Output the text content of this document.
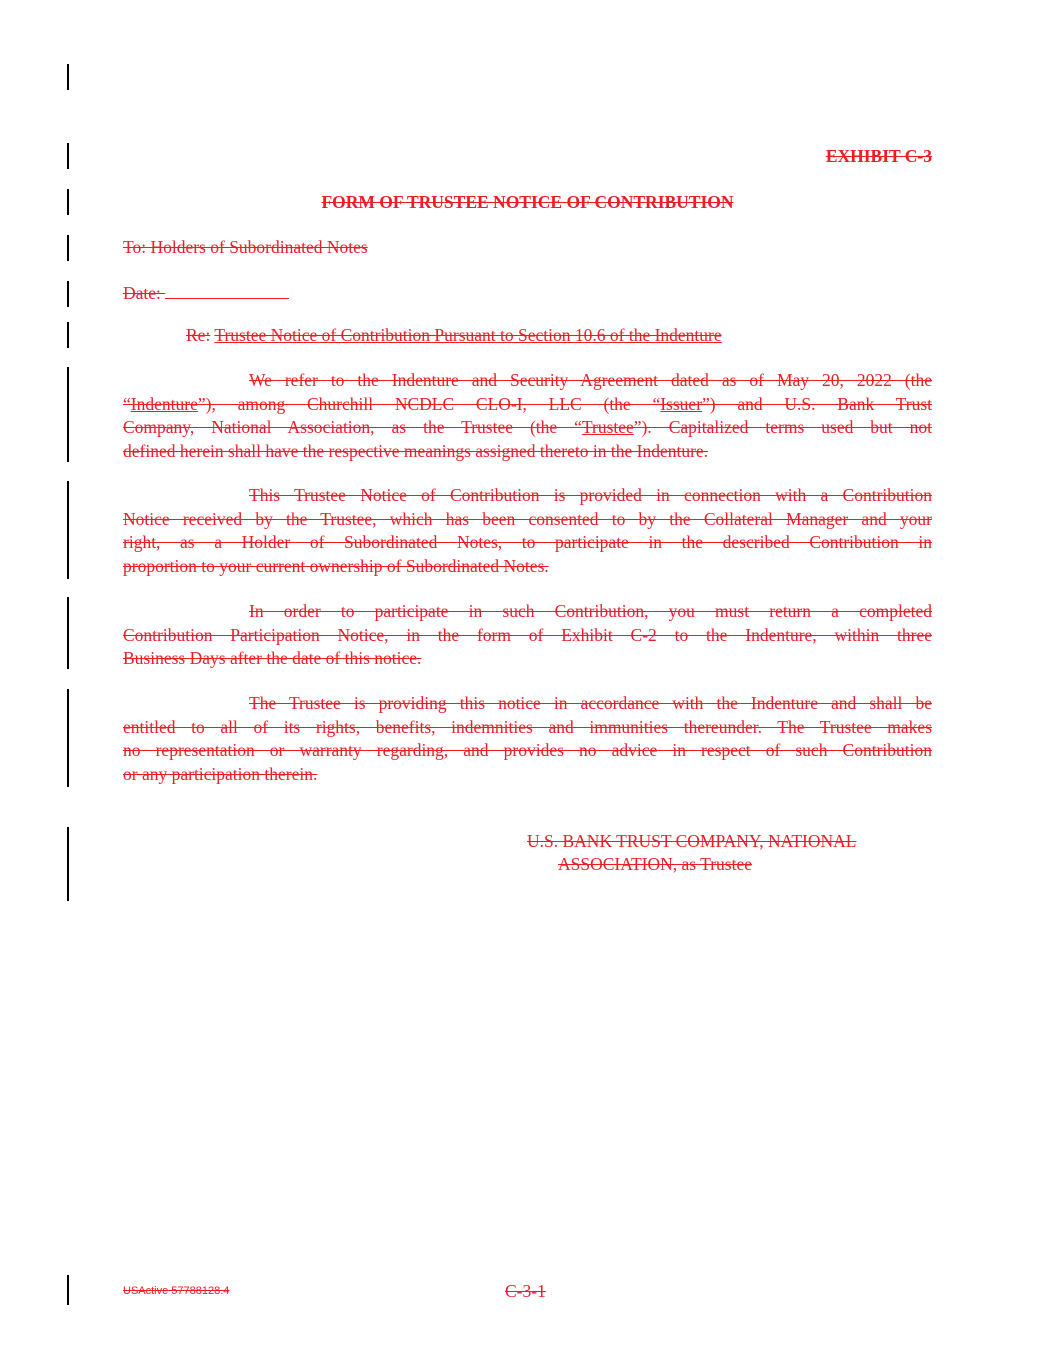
EXHIBIT C-3
FORM OF TRUSTEE NOTICE OF CONTRIBUTION
To: Holders of Subordinated Notes
Date:
Re: Trustee Notice of Contribution Pursuant to Section 10.6 of the Indenture
We refer to the Indenture and Security Agreement dated as of May 20, 2022 (the
“Indenture”), among Churchill NCDLC CLO-I, LLC (the “Issuer”) and U.S. Bank Trust
Company, National Association, as the Trustee (the “Trustee”). Capitalized terms used but not
defined herein shall have the respective meanings assigned thereto in the Indenture.
This Trustee Notice of Contribution is provided in connection with a Contribution
Notice received by the Trustee, which has been consented to by the Collateral Manager and your
right, as a Holder of Subordinated Notes, to participate in the described Contribution in
proportion to your current ownership of Subordinated Notes.
In order to participate in such Contribution, you must return a completed
Contribution Participation Notice, in the form of Exhibit C-2 to the Indenture, within three
Business Days after the date of this notice.
The Trustee is providing this notice in accordance with the Indenture and shall be
entitled to all of its rights, benefits, indemnities and immunities thereunder. The Trustee makes
no representation or warranty regarding, and provides no advice in respect of such Contribution
or any participation therein.
U.S. BANK TRUST COMPANY, NATIONAL
ASSOCIATION, as Trustee
USActive 57788128.4	C-3-1
